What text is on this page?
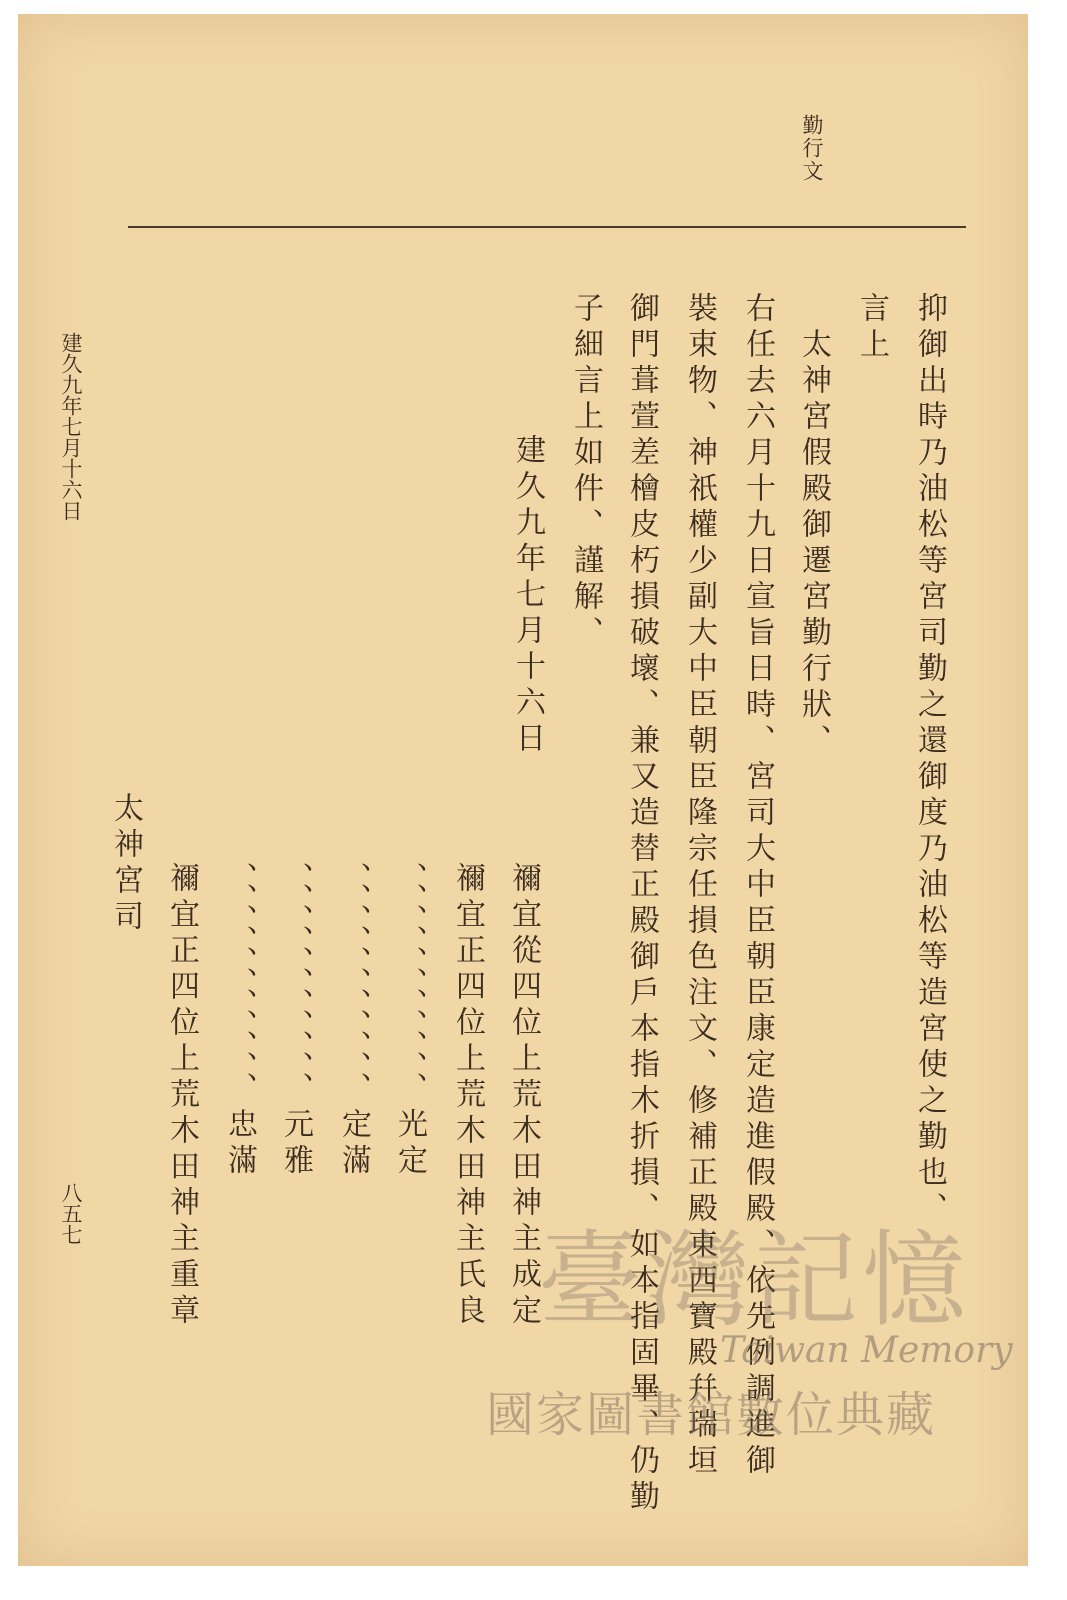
勤行文
抑御出時乃油松等宮司勤之還御度乃油松等造宮使之勤也、
言上
太神宮假殿御遷宮勤行狀、
右任去六月十九日宣旨日時、宮司大中臣朝臣康定造進假殿、依先例調進御
裝束物、神祇權少副大中臣朝臣隆宗任損色注文、修補正殿東西寶殿幷瑞垣
御門葺萱差檜皮朽損破壞、兼又造替正殿御戶本指木折損、如本指固畢、仍勤
子細言上如件、謹解、
建久九年七月十六日
禰宜從四位上荒木田神主成定
禰宜正四位上荒木田神主氏良
、、、、、、、、、、、光定
、、、、、、、、、、、定滿
、、、、、、、、、、、元雅
、、、、、、、、、、、忠滿
禰宜正四位上荒木田神主重章
太神宮司
建久九年七月十六日
八五七
臺灣記憶
Taiwan Memory
國家圖書館數位典藏
